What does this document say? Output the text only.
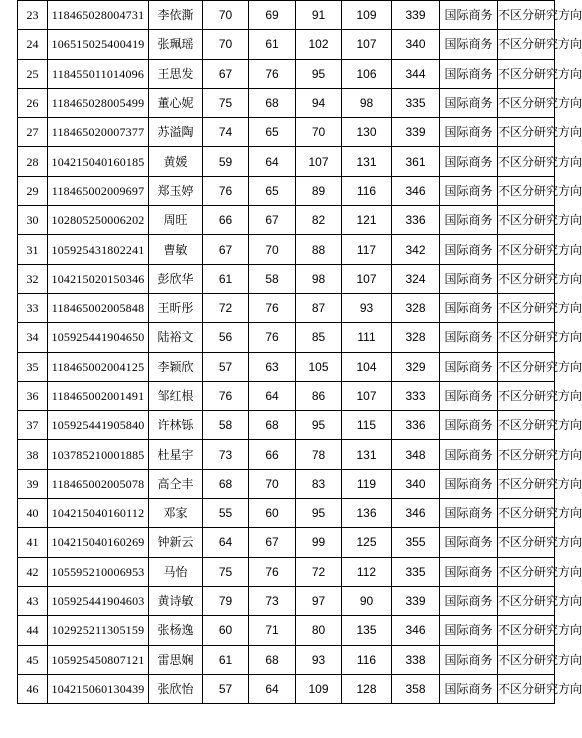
23	118465028004731	李依澌	70	69	91	109	339	国际商务	不区分研究方向
24	106515025400419	张珮瑶	70	61	102	107	340	国际商务	不区分研究方向
25	118455011014096	王思发	67	76	95	106	344	国际商务	不区分研究方向
26	118465028005499	董心妮	75	68	94	98	335	国际商务	不区分研究方向
27	118465020007377	苏溢陶	74	65	70	130	339	国际商务	不区分研究方向
28	104215040160185	黄媛	59	64	107	131	361	国际商务	不区分研究方向
29	118465002009697	郑玉婷	76	65	89	116	346	国际商务	不区分研究方向
30	102805250006202	周旺	66	67	82	121	336	国际商务	不区分研究方向
31	105925431802241	曹敏	67	70	88	117	342	国际商务	不区分研究方向
32	104215020150346	彭欣华	61	58	98	107	324	国际商务	不区分研究方向
33	118465002005848	王昕彤	72	76	87	93	328	国际商务	不区分研究方向
34	105925441904650	陆裕文	56	76	85	111	328	国际商务	不区分研究方向
35	118465002004125	李颖欣	57	63	105	104	329	国际商务	不区分研究方向
36	118465002001491	邹红根	76	64	86	107	333	国际商务	不区分研究方向
37	105925441905840	许林铄	58	68	95	115	336	国际商务	不区分研究方向
38	103785210001885	杜星宇	73	66	78	131	348	国际商务	不区分研究方向
39	118465002005078	高仝丰	68	70	83	119	340	国际商务	不区分研究方向
40	104215040160112	邓家	55	60	95	136	346	国际商务	不区分研究方向
41	104215040160269	钟新云	64	67	99	125	355	国际商务	不区分研究方向
42	105595210006953	马怡	75	76	72	112	335	国际商务	不区分研究方向
43	105925441904603	黄诗敏	79	73	97	90	339	国际商务	不区分研究方向
44	102925211305159	张杨逸	60	71	80	135	346	国际商务	不区分研究方向
45	105925450807121	雷思娴	61	68	93	116	338	国际商务	不区分研究方向
46	104215060130439	张欣怡	57	64	109	128	358	国际商务	不区分研究方向
